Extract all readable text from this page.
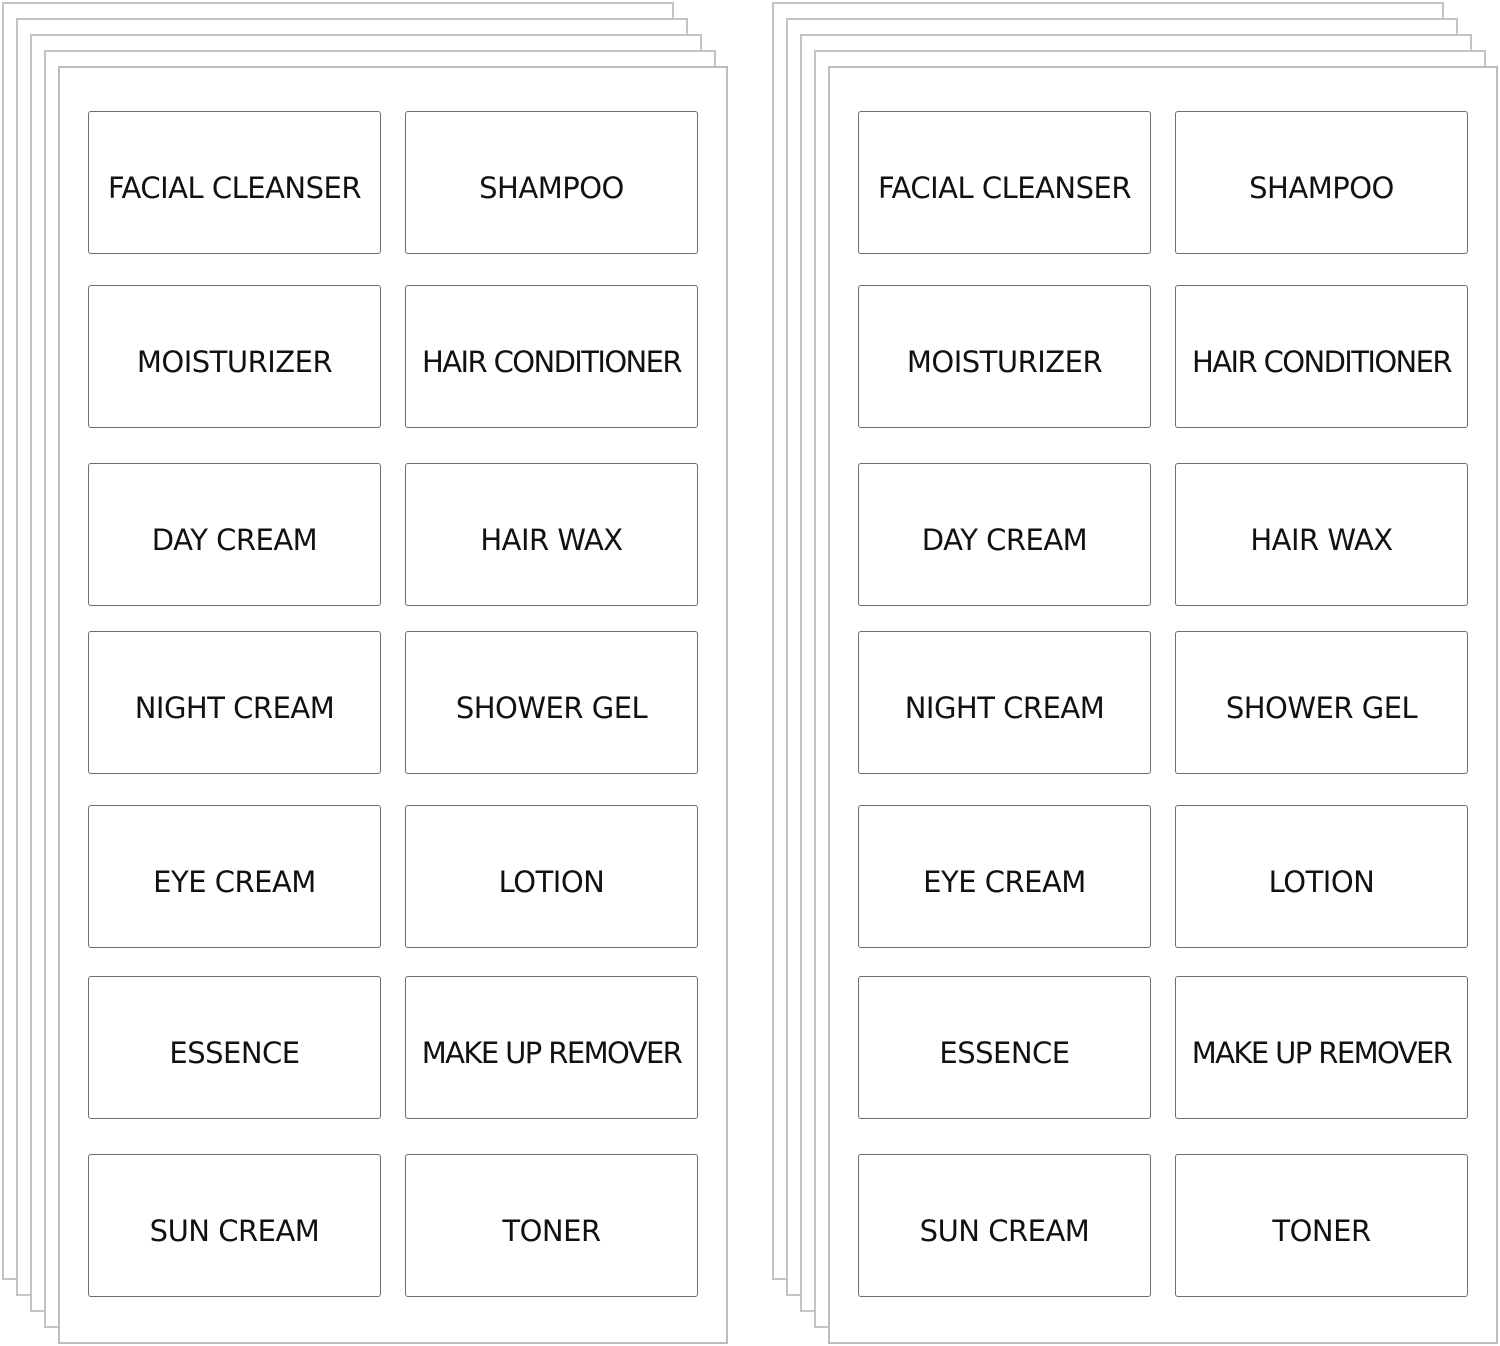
FACIAL CLEANSER	SHAMPOO
MOISTURIZER	HAIR CONDITIONER
DAY CREAM	HAIR WAX
NIGHT CREAM	SHOWER GEL
EYE CREAM	LOTION
ESSENCE	MAKE UP REMOVER
SUN CREAM	TONER
FACIAL CLEANSER	SHAMPOO
MOISTURIZER	HAIR CONDITIONER
DAY CREAM	HAIR WAX
NIGHT CREAM	SHOWER GEL
EYE CREAM	LOTION
ESSENCE	MAKE UP REMOVER
SUN CREAM	TONER
